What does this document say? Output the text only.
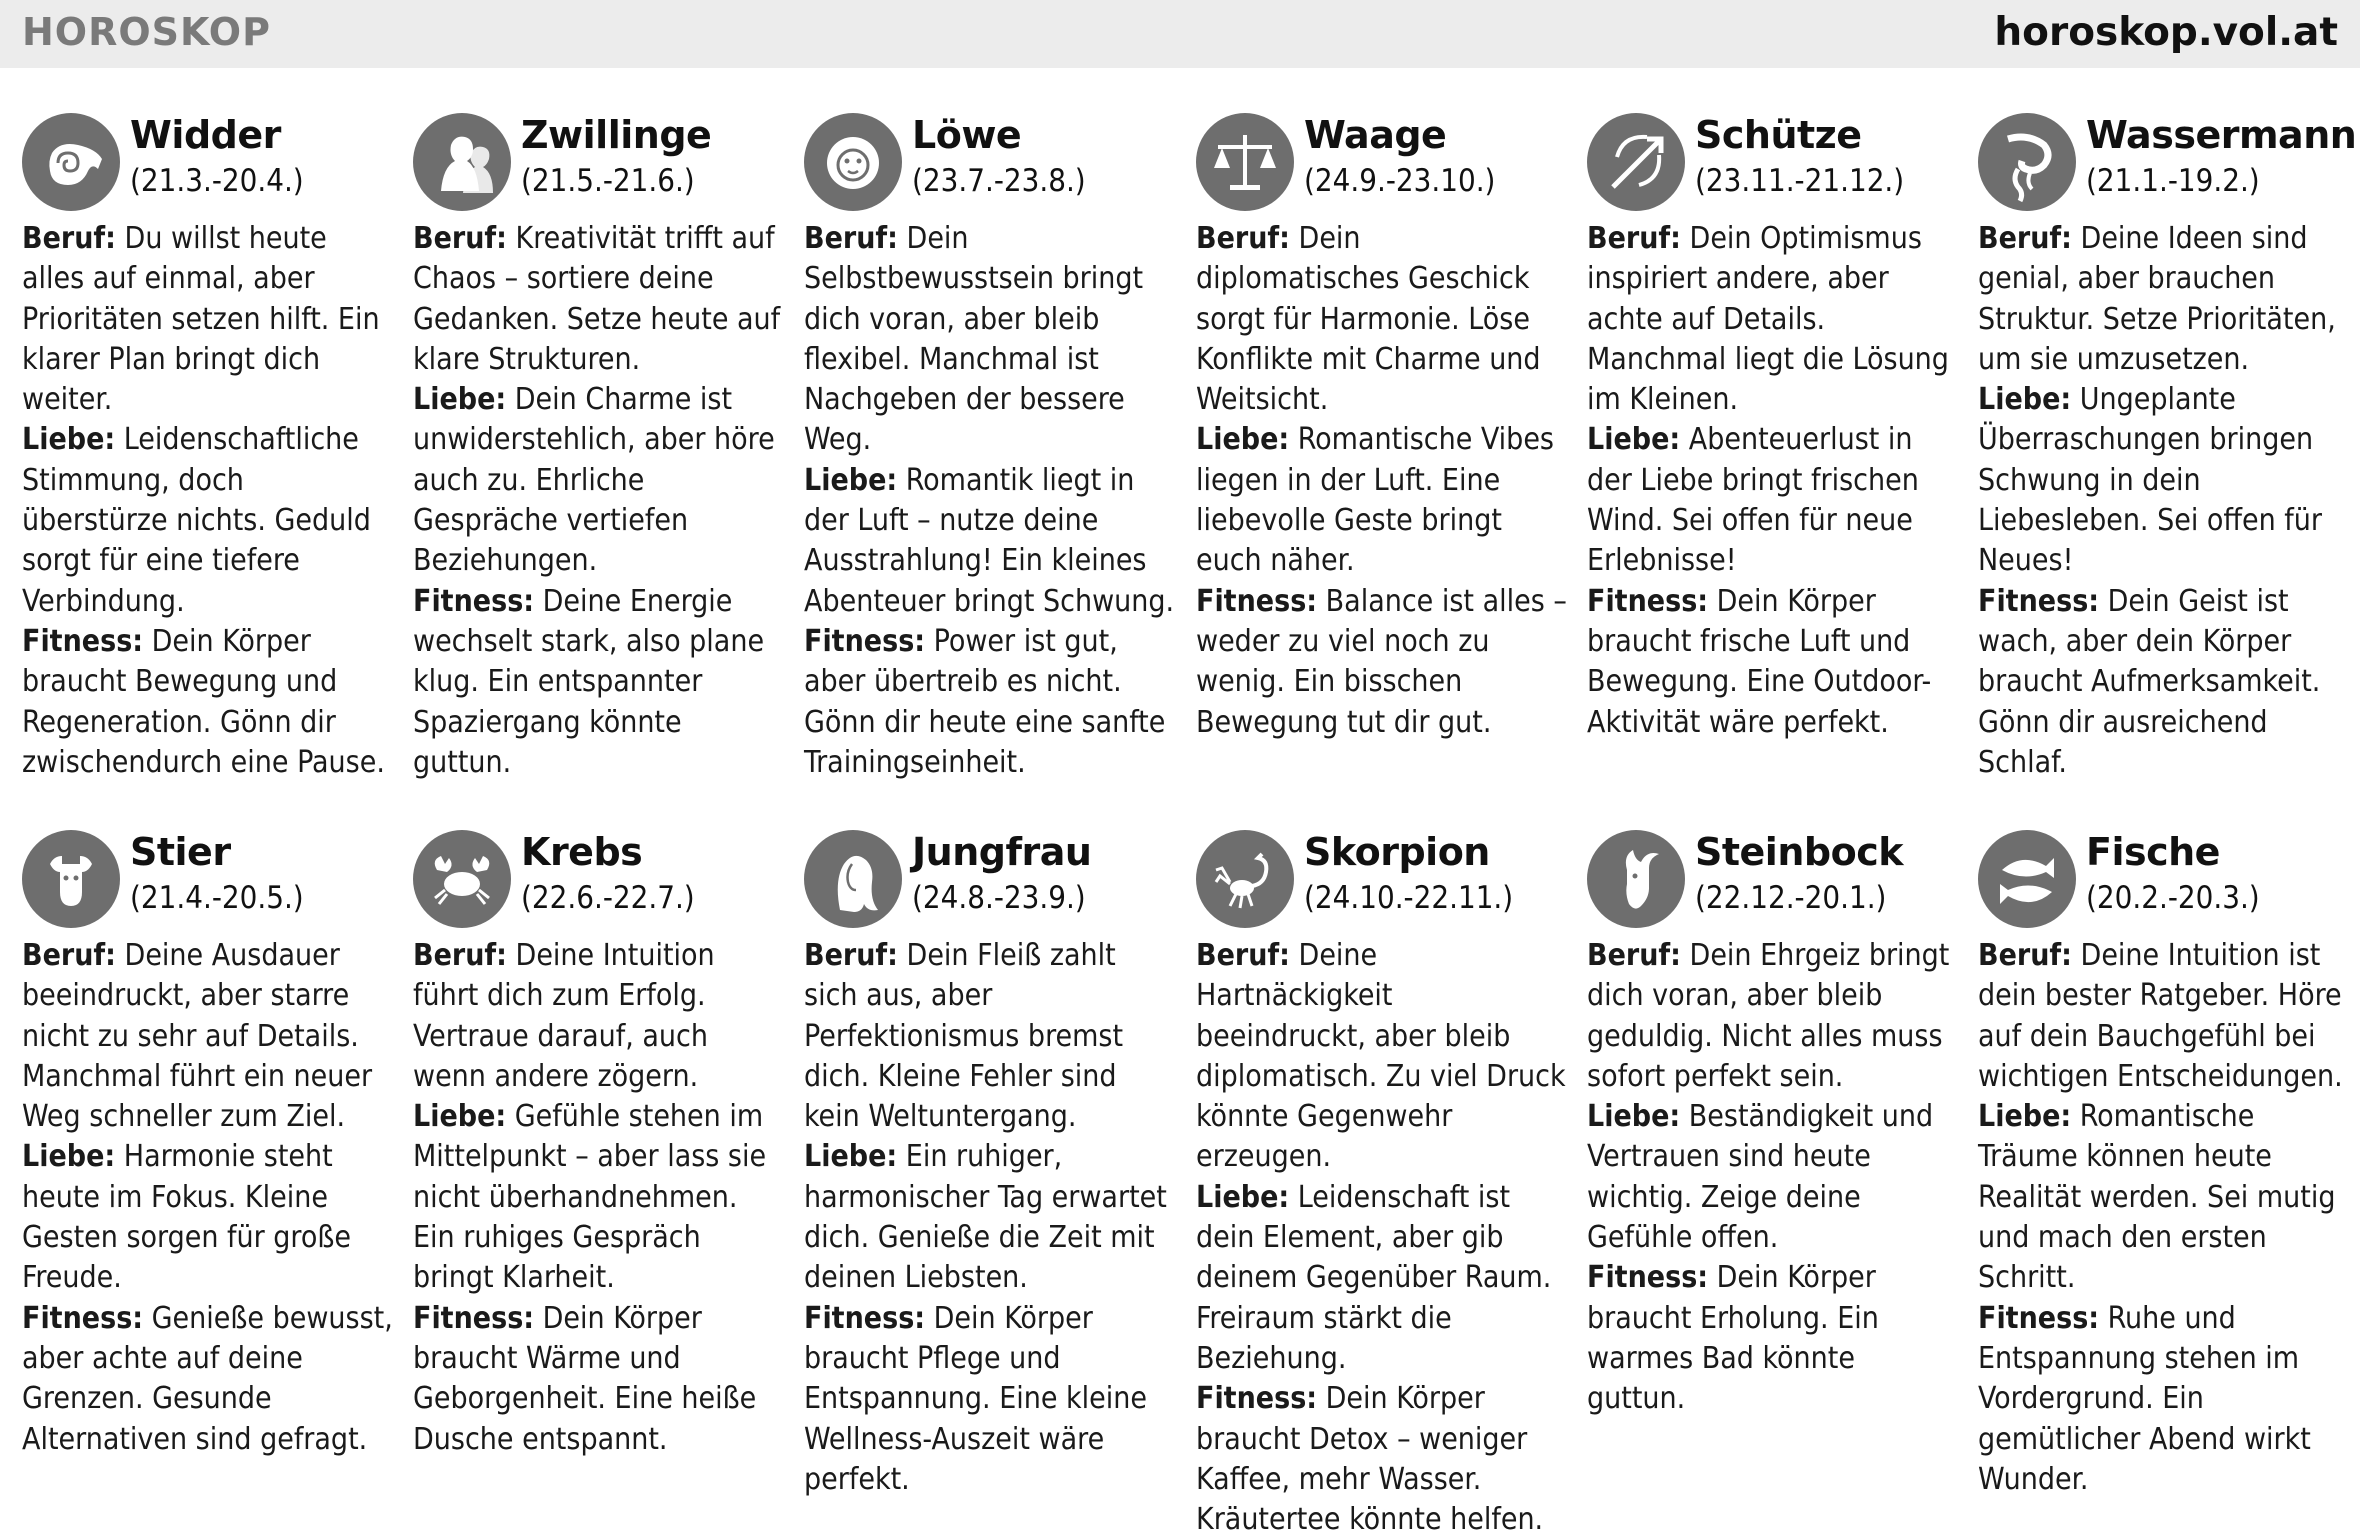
HOROSKOP	horoskop.vol.at
Widder
(21.3.-20.4.)

Beruf: Du willst heute alles auf einmal, aber Prioritäten setzen hilft. Ein klarer Plan bringt dich weiter.

Liebe: Leidenschaftliche Stimmung, doch überstürze nichts. Geduld sorgt für eine tiefere Verbindung.

Fitness: Dein Körper braucht Bewegung und Regeneration. Gönn dir zwischendurch eine Pause.

Zwillinge
(21.5.-21.6.)

Beruf: Kreativität trifft auf Chaos – sortiere deine Gedanken. Setze heute auf klare Strukturen.

Liebe: Dein Charme ist unwiderstehlich, aber höre auch zu. Ehrliche Gespräche vertiefen Beziehungen.

Fitness: Deine Energie wechselt stark, also plane klug. Ein entspannter Spaziergang könnte guttun.

Löwe
(23.7.-23.8.)

Beruf: Dein Selbstbewusstsein bringt dich voran, aber bleib flexibel. Manchmal ist Nachgeben der bessere Weg.

Liebe: Romantik liegt in der Luft – nutze deine Ausstrahlung! Ein kleines Abenteuer bringt Schwung.

Fitness: Power ist gut, aber übertreib es nicht. Gönn dir heute eine sanfte Trainingseinheit.

Waage
(24.9.-23.10.)

Beruf: Dein diplomatisches Geschick sorgt für Harmonie. Löse Konflikte mit Charme und Weitsicht.

Liebe: Romantische Vibes liegen in der Luft. Eine liebevolle Geste bringt euch näher.

Fitness: Balance ist alles – weder zu viel noch zu wenig. Ein bisschen Bewegung tut dir gut.

Schütze
(23.11.-21.12.)

Beruf: Dein Optimismus inspiriert andere, aber achte auf Details. Manchmal liegt die Lösung im Kleinen.

Liebe: Abenteuerlust in der Liebe bringt frischen Wind. Sei offen für neue Erlebnisse!

Fitness: Dein Körper braucht frische Luft und Bewegung. Eine Outdoor-Aktivität wäre perfekt.

Wassermann
(21.1.-19.2.)

Beruf: Deine Ideen sind genial, aber brauchen Struktur. Setze Prioritäten, um sie umzusetzen.

Liebe: Ungeplante Überraschungen bringen Schwung in dein Liebesleben. Sei offen für Neues!

Fitness: Dein Geist ist wach, aber dein Körper braucht Aufmerksamkeit. Gönn dir ausreichend Schlaf.

Stier
(21.4.-20.5.)

Beruf: Deine Ausdauer beeindruckt, aber starre nicht zu sehr auf Details. Manchmal führt ein neuer Weg schneller zum Ziel.

Liebe: Harmonie steht heute im Fokus. Kleine Gesten sorgen für große Freude.

Fitness: Genieße bewusst, aber achte auf deine Grenzen. Gesunde Alternativen sind gefragt.

Krebs
(22.6.-22.7.)

Beruf: Deine Intuition führt dich zum Erfolg. Vertraue darauf, auch wenn andere zögern.

Liebe: Gefühle stehen im Mittelpunkt – aber lass sie nicht überhandnehmen. Ein ruhiges Gespräch bringt Klarheit.

Fitness: Dein Körper braucht Wärme und Geborgenheit. Eine heiße Dusche entspannt.

Jungfrau
(24.8.-23.9.)

Beruf: Dein Fleiß zahlt sich aus, aber Perfektionismus bremst dich. Kleine Fehler sind kein Weltuntergang.

Liebe: Ein ruhiger, harmonischer Tag erwartet dich. Genieße die Zeit mit deinen Liebsten.

Fitness: Dein Körper braucht Pflege und Entspannung. Eine kleine Wellness-Auszeit wäre perfekt.

Skorpion
(24.10.-22.11.)

Beruf: Deine Hartnäckigkeit beeindruckt, aber bleib diplomatisch. Zu viel Druck könnte Gegenwehr erzeugen.

Liebe: Leidenschaft ist dein Element, aber gib deinem Gegenüber Raum. Freiraum stärkt die Beziehung.

Fitness: Dein Körper braucht Detox – weniger Kaffee, mehr Wasser. Kräutertee könnte helfen.

Steinbock
(22.12.-20.1.)

Beruf: Dein Ehrgeiz bringt dich voran, aber bleib geduldig. Nicht alles muss sofort perfekt sein.

Liebe: Beständigkeit und Vertrauen sind heute wichtig. Zeige deine Gefühle offen.

Fitness: Dein Körper braucht Erholung. Ein warmes Bad könnte guttun.

Fische
(20.2.-20.3.)

Beruf: Deine Intuition ist dein bester Ratgeber. Höre auf dein Bauchgefühl bei wichtigen Entscheidungen.

Liebe: Romantische Träume können heute Realität werden. Sei mutig und mach den ersten Schritt.

Fitness: Ruhe und Entspannung stehen im Vordergrund. Ein gemütlicher Abend wirkt Wunder.
